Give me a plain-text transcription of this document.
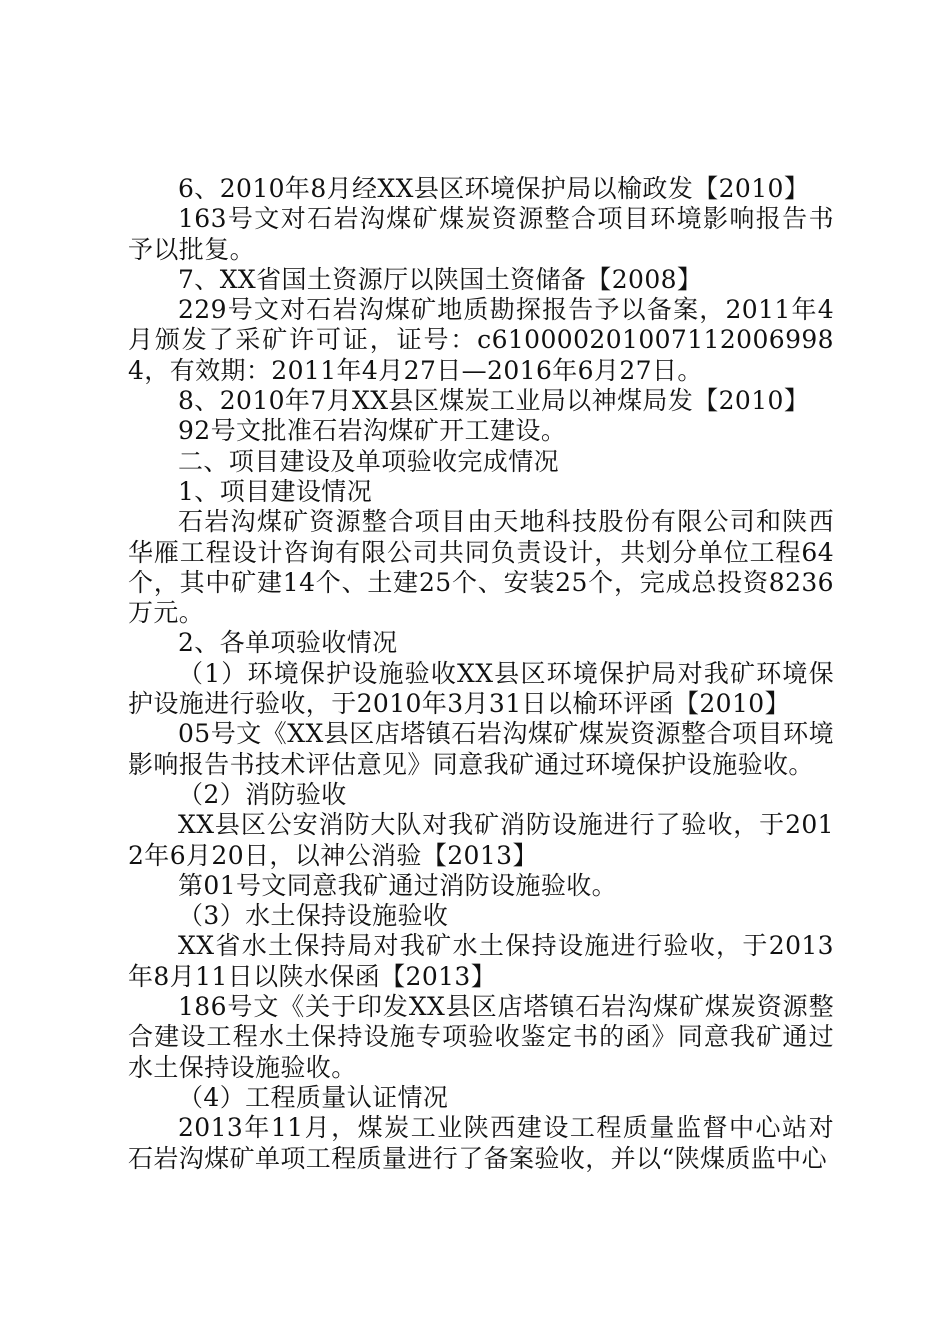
6、2010年8月经XX县区环境保护局以榆政发【2010】

163号文对石岩沟煤矿煤炭资源整合项目环境影响报告书予以批复。

7、XX省国土资源厅以陕国土资储备【2008】

229号文对石岩沟煤矿地质勘探报告予以备案，2011年4月颁发了采矿许可证，证号：c6100002010071120069984，有效期：2011年4月27日—2016年6月27日。

8、2010年7月XX县区煤炭工业局以神煤局发【2010】

92号文批准石岩沟煤矿开工建设。

二、项目建设及单项验收完成情况

1、项目建设情况

石岩沟煤矿资源整合项目由天地科技股份有限公司和陕西华雁工程设计咨询有限公司共同负责设计，共划分单位工程64个，其中矿建14个、土建25个、安装25个，完成总投资8236万元。

2、各单项验收情况

（1）环境保护设施验收XX县区环境保护局对我矿环境保护设施进行验收，于2010年3月31日以榆环评函【2010】

05号文《XX县区店塔镇石岩沟煤矿煤炭资源整合项目环境影响报告书技术评估意见》同意我矿通过环境保护设施验收。

（2）消防验收

XX县区公安消防大队对我矿消防设施进行了验收，于2012年6月20日，以神公消验【2013】

第01号文同意我矿通过消防设施验收。

（3）水土保持设施验收

XX省水土保持局对我矿水土保持设施进行验收，于2013年8月11日以陕水保函【2013】

186号文《关于印发XX县区店塔镇石岩沟煤矿煤炭资源整合建设工程水土保持设施专项验收鉴定书的函》同意我矿通过水土保持设施验收。

（4）工程质量认证情况

2013年11月，煤炭工业陕西建设工程质量监督中心站对石岩沟煤矿单项工程质量进行了备案验收，并以“陕煤质监中心
